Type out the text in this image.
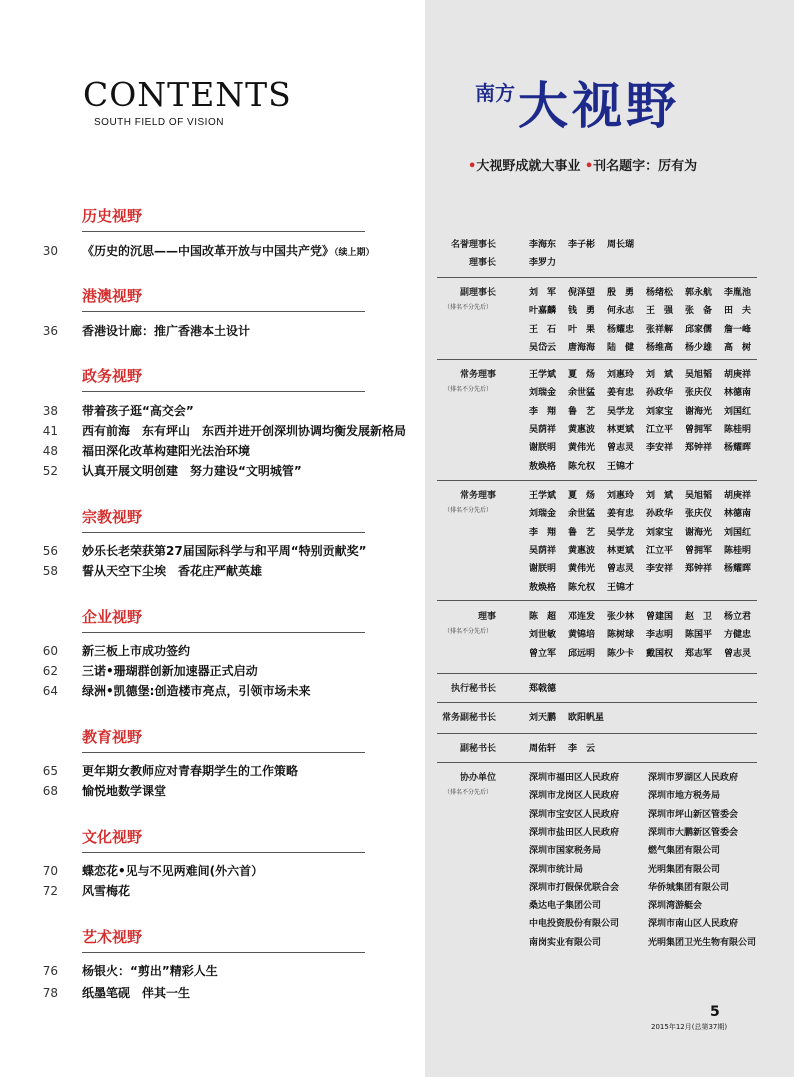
CONTENTS
SOUTH FIELD OF VISION
历史视野
30 《历史的沉思——中国改革开放与中国共产党》（续上期）
港澳视野
36 香港设计廊：推广香港本土设计
政务视野
38 带着孩子逛“高交会”
41 西有前海　东有坪山　东西并进开创深圳协调均衡发展新格局
48 福田深化改革构建阳光法治环境
52 认真开展文明创建　努力建设“文明城管”
宗教视野
56 妙乐长老荣获第27届国际科学与和平周“特别贡献奖”
58 誓从天空下尘埃　香花庄严献英雄
企业视野
60 新三板上市成功签约
62 三诺•珊瑚群创新加速器正式启动
64 绿洲•凯德堡:创造楼市亮点，引领市场未来
教育视野
65 更年期女教师应对青春期学生的工作策略
68 愉悦地数学课堂
文化视野
70 蝶恋花•见与不见两难间(外六首）
72 风雪梅花
艺术视野
76 杨银火：“剪出”精彩人生
78 纸墨笔砚　伴其一生
南方 大视野
•大视野成就大事业 •刊名题字：厉有为
名誉理事长	李海东 李子彬 周长瑚
理事长	李罗力
副理事长
（排名不分先后）
刘　军 倪泽望 殷　勇 杨绪松 郭永航 李胤池
叶嘉麟 钱　勇 何永志 王　强 张　备 田　夫
王　石 叶　果 杨耀忠 张祥解 邱家儒 詹一峰
吴岱云 唐海海 陆　健 杨维高 杨少雄 高　树
常务理事
（排名不分先后）
王学斌 夏　炀 刘惠玲 刘　斌 吴旭韬 胡庚祥
刘瑞金 余世猛 姜有忠 孙政华 张庆仪 林德南
李　翔 鲁　艺 吴学龙 刘家宝 谢海光 刘国红
吴荫祥 黄惠波 林更斌 江立平 曾拥军 陈桂明
谢朕明 黄伟光 曾志灵 李安祥 郑钟祥 杨耀晖
敖焕格 陈允权 王锦才
常务理事
（排名不分先后）
王学斌 夏　炀 刘惠玲 刘　斌 吴旭韬 胡庚祥
刘瑞金 余世猛 姜有忠 孙政华 张庆仪 林德南
李　翔 鲁　艺 吴学龙 刘家宝 谢海光 刘国红
吴荫祥 黄惠波 林更斌 江立平 曾拥军 陈桂明
谢朕明 黄伟光 曾志灵 李安祥 郑钟祥 杨耀晖
敖焕格 陈允权 王锦才
理事
（排名不分先后）
陈　超 邓连发 张少林 曾建国 赵　卫 杨立君
刘世敏 黄锦培 陈树球 李志明 陈国平 方健忠
曾立军 邱远明 陈少卡 戴国权 郑志军 曾志灵
执行秘书长	郑戟德
常务副秘书长	刘天鹏 欧阳帆星
副秘书长	周佑轩 李　云
协办单位
（排名不分先后）
深圳市福田区人民政府	深圳市罗湖区人民政府
深圳市龙岗区人民政府	深圳市地方税务局
深圳市宝安区人民政府	深圳市坪山新区管委会
深圳市盐田区人民政府	深圳市大鹏新区管委会
深圳市国家税务局	燃气集团有限公司
深圳市统计局	光明集团有限公司
深圳市打假保优联合会	华侨城集团有限公司
桑达电子集团公司	深圳湾游艇会
中电投资股份有限公司	深圳市南山区人民政府
南岗实业有限公司	光明集团卫光生物有限公司
5
2015年12月(总第37期)
